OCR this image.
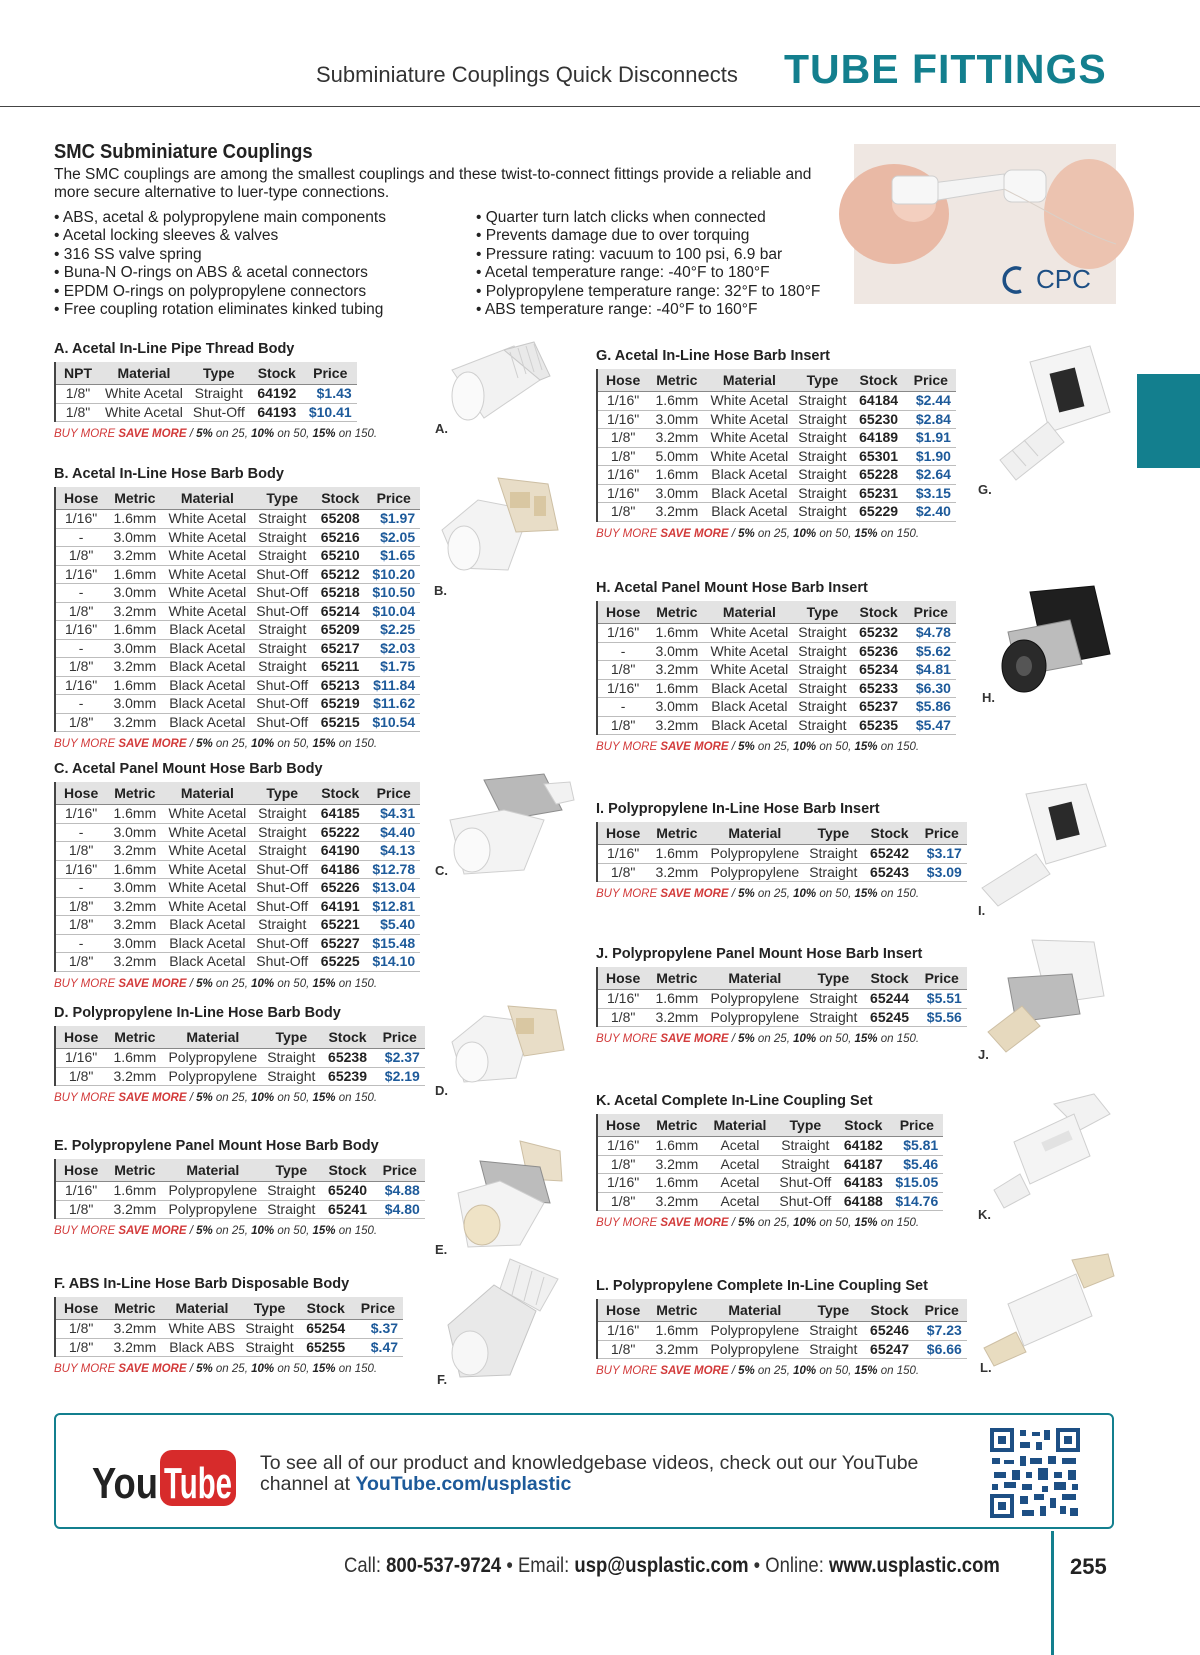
Subminiature Couplings Quick Disconnects TUBE FITTINGS
SMC Subminiature Couplings
The SMC couplings are among the smallest couplings and these twist-to-connect fittings provide a reliable and more secure alternative to luer-type connections.
• ABS, acetal & polypropylene main components
• Acetal locking sleeves & valves
• 316 SS valve spring
• Buna-N O-rings on ABS & acetal connectors
• EPDM O-rings on polypropylene connectors
• Free coupling rotation eliminates kinked tubing
• Quarter turn latch clicks when connected
• Prevents damage due to over torquing
• Pressure rating: vacuum to 100 psi, 6.9 bar
• Acetal temperature range: -40°F to 180°F
• Polypropylene temperature range: 32°F to 180°F
• ABS temperature range: -40°F to 160°F
CPC
A. Acetal In-Line Pipe Thread Body
NPT	Material	Type	Stock	Price
1/8"	White Acetal	Straight	64192	$1.43
1/8"	White Acetal	Shut-Off	64193	$10.41
BUY MORE SAVE MORE / 5% on 25, 10% on 50, 15% on 150.
B. Acetal In-Line Hose Barb Body
Hose	Metric	Material	Type	Stock	Price
1/16"	1.6mm	White Acetal	Straight	65208	$1.97
-	3.0mm	White Acetal	Straight	65216	$2.05
1/8"	3.2mm	White Acetal	Straight	65210	$1.65
1/16"	1.6mm	White Acetal	Shut-Off	65212	$10.20
-	3.0mm	White Acetal	Shut-Off	65218	$10.50
1/8"	3.2mm	White Acetal	Shut-Off	65214	$10.04
1/16"	1.6mm	Black Acetal	Straight	65209	$2.25
-	3.0mm	Black Acetal	Straight	65217	$2.03
1/8"	3.2mm	Black Acetal	Straight	65211	$1.75
1/16"	1.6mm	Black Acetal	Shut-Off	65213	$11.84
-	3.0mm	Black Acetal	Shut-Off	65219	$11.62
1/8"	3.2mm	Black Acetal	Shut-Off	65215	$10.54
BUY MORE SAVE MORE / 5% on 25, 10% on 50, 15% on 150.
C. Acetal Panel Mount Hose Barb Body
Hose	Metric	Material	Type	Stock	Price
1/16"	1.6mm	White Acetal	Straight	64185	$4.31
-	3.0mm	White Acetal	Straight	65222	$4.40
1/8"	3.2mm	White Acetal	Straight	64190	$4.13
1/16"	1.6mm	White Acetal	Shut-Off	64186	$12.78
-	3.0mm	White Acetal	Shut-Off	65226	$13.04
1/8"	3.2mm	White Acetal	Shut-Off	64191	$12.81
1/8"	3.2mm	Black Acetal	Straight	65221	$5.40
-	3.0mm	Black Acetal	Shut-Off	65227	$15.48
1/8"	3.2mm	Black Acetal	Shut-Off	65225	$14.10
BUY MORE SAVE MORE / 5% on 25, 10% on 50, 15% on 150.
D. Polypropylene In-Line Hose Barb Body
Hose	Metric	Material	Type	Stock	Price
1/16"	1.6mm	Polypropylene	Straight	65238	$2.37
1/8"	3.2mm	Polypropylene	Straight	65239	$2.19
BUY MORE SAVE MORE / 5% on 25, 10% on 50, 15% on 150.
E. Polypropylene Panel Mount Hose Barb Body
Hose	Metric	Material	Type	Stock	Price
1/16"	1.6mm	Polypropylene	Straight	65240	$4.88
1/8"	3.2mm	Polypropylene	Straight	65241	$4.80
BUY MORE SAVE MORE / 5% on 25, 10% on 50, 15% on 150.
F. ABS In-Line Hose Barb Disposable Body
Hose	Metric	Material	Type	Stock	Price
1/8"	3.2mm	White ABS	Straight	65254	$.37
1/8"	3.2mm	Black ABS	Straight	65255	$.47
BUY MORE SAVE MORE / 5% on 25, 10% on 50, 15% on 150.
G. Acetal In-Line Hose Barb Insert
Hose	Metric	Material	Type	Stock	Price
1/16"	1.6mm	White Acetal	Straight	64184	$2.44
1/16"	3.0mm	White Acetal	Straight	65230	$2.84
1/8"	3.2mm	White Acetal	Straight	64189	$1.91
1/8"	5.0mm	White Acetal	Straight	65301	$1.90
1/16"	1.6mm	Black Acetal	Straight	65228	$2.64
1/16"	3.0mm	Black Acetal	Straight	65231	$3.15
1/8"	3.2mm	Black Acetal	Straight	65229	$2.40
BUY MORE SAVE MORE / 5% on 25, 10% on 50, 15% on 150.
H. Acetal Panel Mount Hose Barb Insert
Hose	Metric	Material	Type	Stock	Price
1/16"	1.6mm	White Acetal	Straight	65232	$4.78
-	3.0mm	White Acetal	Straight	65236	$5.62
1/8"	3.2mm	White Acetal	Straight	65234	$4.81
1/16"	1.6mm	Black Acetal	Straight	65233	$6.30
-	3.0mm	Black Acetal	Straight	65237	$5.86
1/8"	3.2mm	Black Acetal	Straight	65235	$5.47
BUY MORE SAVE MORE / 5% on 25, 10% on 50, 15% on 150.
I. Polypropylene In-Line Hose Barb Insert
Hose	Metric	Material	Type	Stock	Price
1/16"	1.6mm	Polypropylene	Straight	65242	$3.17
1/8"	3.2mm	Polypropylene	Straight	65243	$3.09
BUY MORE SAVE MORE / 5% on 25, 10% on 50, 15% on 150.
J. Polypropylene Panel Mount Hose Barb Insert
Hose	Metric	Material	Type	Stock	Price
1/16"	1.6mm	Polypropylene	Straight	65244	$5.51
1/8"	3.2mm	Polypropylene	Straight	65245	$5.56
BUY MORE SAVE MORE / 5% on 25, 10% on 50, 15% on 150.
K. Acetal Complete In-Line Coupling Set
Hose	Metric	Material	Type	Stock	Price
1/16"	1.6mm	Acetal	Straight	64182	$5.81
1/8"	3.2mm	Acetal	Straight	64187	$5.46
1/16"	1.6mm	Acetal	Shut-Off	64183	$15.05
1/8"	3.2mm	Acetal	Shut-Off	64188	$14.76
BUY MORE SAVE MORE / 5% on 25, 10% on 50, 15% on 150.
L. Polypropylene Complete In-Line Coupling Set
Hose	Metric	Material	Type	Stock	Price
1/16"	1.6mm	Polypropylene	Straight	65246	$7.23
1/8"	3.2mm	Polypropylene	Straight	65247	$6.66
BUY MORE SAVE MORE / 5% on 25, 10% on 50, 15% on 150.
A.
B.
C.
D.
E.
F.
G.
H.
I.
J.
K.
L.
You Tube To see all of our product and knowledgebase videos, check out our YouTube channel at YouTube.com/usplastic
Call: 800-537-9724 • Email: usp@usplastic.com • Online: www.usplastic.com	255
